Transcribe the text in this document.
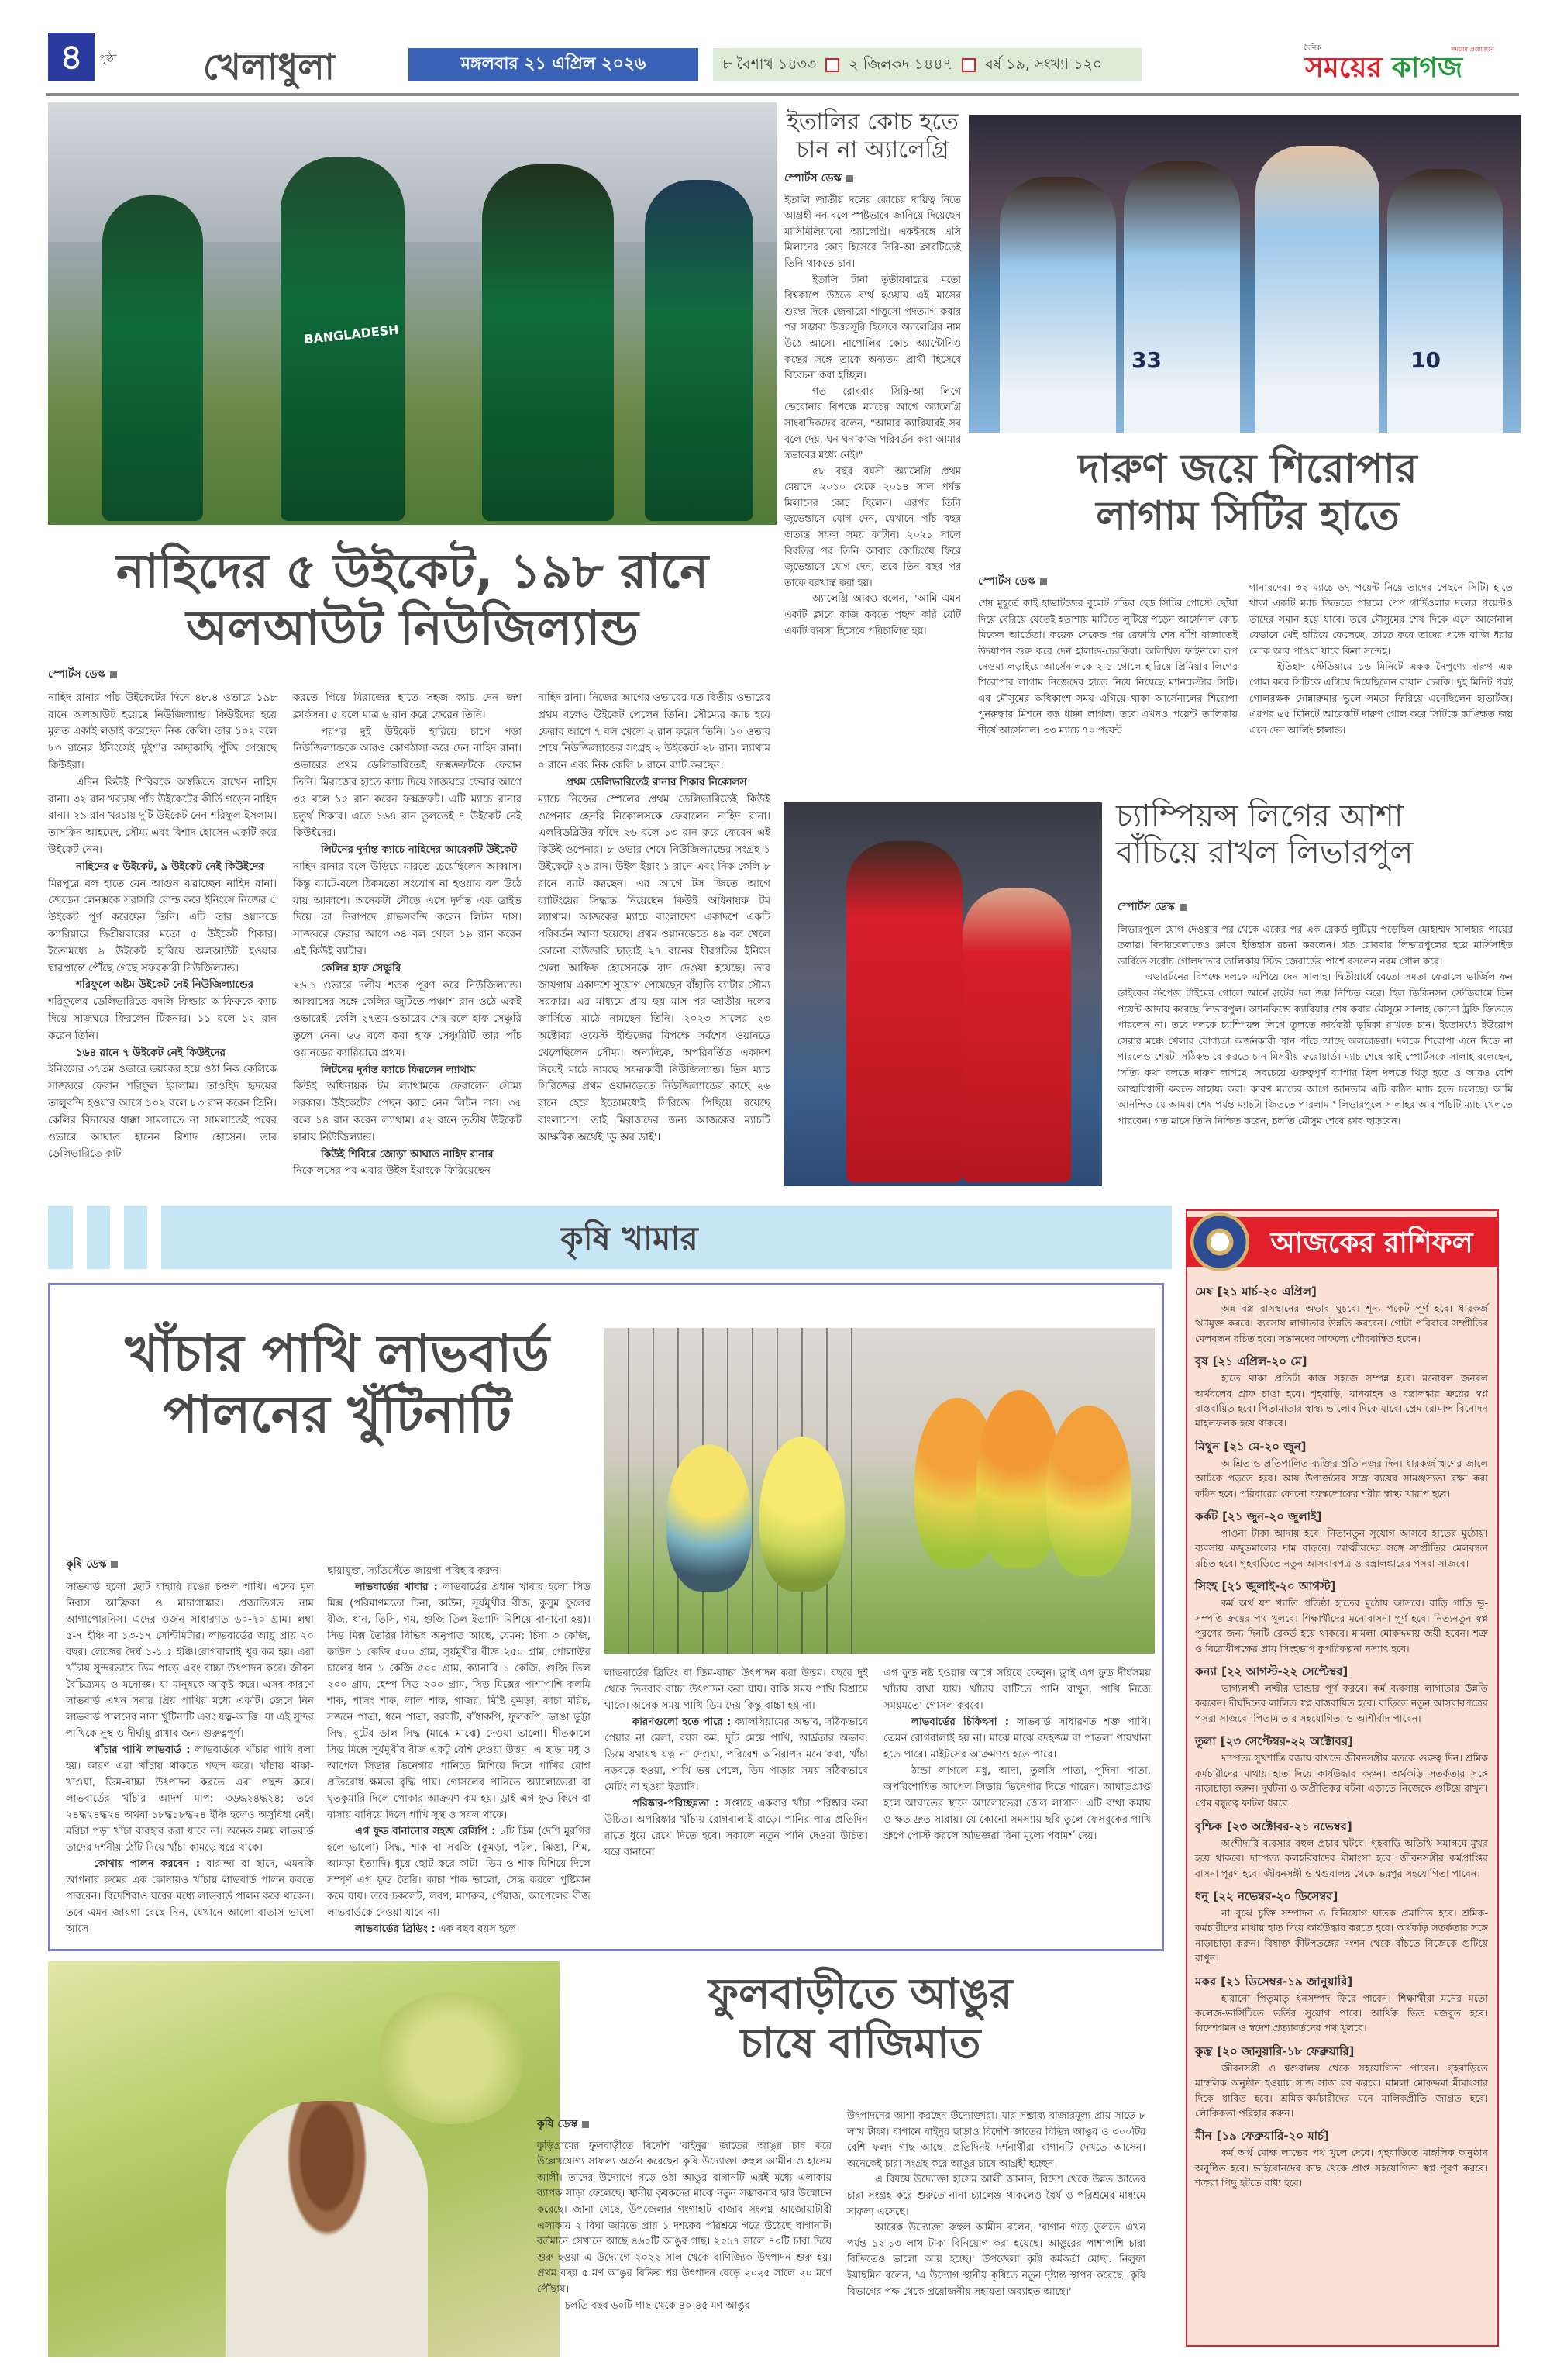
৪	পৃষ্ঠা খেলাধুলা	মঙ্গলবার ২১ এপ্রিল ২০২৬	৮ বৈশাখ ১৪৩৩ ২ জিলকদ ১৪৪৭ বর্ষ ১৯, সংখ্যা ১২০
দৈনিক	সময়ের প্রয়োজনে
সময়ের কাগজ
BANGLADESH
নাহিদের ৫ উইকেট, ১৯৮ রানে
অলআউট নিউজিল্যান্ড
স্পোর্টস ডেস্ক

নাহিদ রানার পাঁচ উইকেটের দিনে ৪৮.৪ ওভারে ১৯৮ রানে অলআউট হয়েছে নিউজিল্যান্ড। কিউইদের হয়ে মূলত একাই লড়াই করেছেন নিক কেলি। তার ১০২ বলে ৮৩ রানের ইনিংসেই দুইশ'র কাছাকাছি পুঁজি পেয়েছে কিউইরা।

এদিন কিউই শিবিরকে অস্বস্তিতে রাখেন নাহিদ রানা। ৩২ রান খরচায় পাঁচ উইকেটের কীর্তি গড়েন নাহিদ রানা। ২৯ রান খরচায় দুটি উইকেট নেন শরিফুল ইসলাম। তাসকিন আহমেদ, সৌম্য এবং রিশাদ হোসেন একটি করে উইকেট নেন।

নাহিদের ৫ উইকেট, ৯ উইকেট নেই কিউইদের

মিরপুরে বল হাতে যেন আগুন ঝরাচ্ছেন নাহিদ রানা। জেডেন লেনক্সকে সরাসরি বোল্ড করে ইনিংসে নিজের ৫ উইকেট পূর্ণ করেছেন তিনি। এটি তার ওয়ানডে ক্যারিয়ারে দ্বিতীয়বারের মতো ৫ উইকেট শিকার। ইতোমধ্যে ৯ উইকেট হারিয়ে অলআউট হওয়ার দ্বারপ্রান্তে পৌঁছে গেছে সফরকারী নিউজিল্যান্ড।

শরিফুলে অষ্টম উইকেট নেই নিউজিল্যান্ডের

শরিফুলের ডেলিভারিতে বদলি ফিল্ডার আফিফকে ক্যাচ দিয়ে সাজঘরে ফিরলেন টিকনার। ১১ বলে ১২ রান করেন তিনি।

১৬৪ রানে ৭ উইকেট নেই কিউইদের

ইনিংসের ৩৭তম ওভারে ভয়ংকর হয়ে ওঠা নিক কেলিকে সাজঘরে ফেরান শরিফুল ইসলাম। তাওহিদ হৃদয়ের তালুবন্দি হওয়ার আগে ১০২ বলে ৮৩ রান করেন তিনি। কেলির বিদায়ের ধাক্কা সামলাতে না সামলাতেই পরের ওভারে আঘাত হানেন রিশাদ হোসেন। তার ডেলিভারিতে কাট

করতে গিয়ে মিরাজের হাতে সহজ ক্যাচ দেন জশ ক্লার্কসন। ৫ বলে মাত্র ৬ রান করে ফেরেন তিনি।

পরপর দুই উইকেট হারিয়ে চাপে পড়া নিউজিল্যান্ডকে আরও কোণঠাসা করে দেন নাহিদ রানা। ওভারের প্রথম ডেলিভারিতেই ফক্সক্রফটকে ফেরান তিনি। মিরাজের হাতে ক্যাচ দিয়ে সাজঘরে ফেরার আগে ৩৫ বলে ১৫ রান করেন ফক্সক্রফট। এটি ম্যাচে রানার চতুর্থ শিকার। এতে ১৬৪ রান তুলতেই ৭ উইকেট নেই কিউইদের।

লিটনের দুর্দান্ত ক্যাচে নাহিদের আরেকটি উইকেট

নাহিদ রানার বলে উড়িয়ে মারতে চেয়েছিলেন আব্বাস। কিন্তু ব্যাটে-বলে ঠিকমতো সংযোগ না হওয়ায় বল উঠে যায় আকাশে। অনেকটা দৌড়ে এসে দুর্দান্ত এক ডাইভ দিয়ে তা নিরাপদে গ্লাভসবন্দি করেন লিটন দাস। সাজঘরে ফেরার আগে ৩৪ বল খেলে ১৯ রান করেন এই কিউই ব্যাটার।

কেলির হাফ সেঞ্চুরি

২৬.১ ওভারে দলীয় শতক পূরণ করে নিউজিল্যান্ড। আব্বাসের সঙ্গে কেলির জুটিতে পঞ্চাশ রান ওঠে একই ওভারেই। কেলি ২৭তম ওভারের শেষ বলে হাফ সেঞ্চুরি তুলে নেন। ৬৬ বলে করা হাফ সেঞ্চুরিটি তার পাঁচ ওয়ানডের ক্যারিয়ারে প্রথম।

লিটনের দুর্দান্ত ক্যাচে ফিরলেন ল্যাথাম

কিউই অধিনায়ক টম ল্যাথামকে ফেরালেন সৌম্য সরকার। উইকেটের পেছন ক্যাচ নেন লিটন দাস। ৩৫ বলে ১৪ রান করেন ল্যাথাম। ৫২ রানে তৃতীয় উইকেট হারায় নিউজিল্যান্ড।

কিউই শিবিরে জোড়া আঘাত নাহিদ রানার

নিকোলসের পর এবার উইল ইয়াংকে ফিরিয়েছেন

নাহিদ রানা। নিজের আগের ওভারের মত দ্বিতীয় ওভারের প্রথম বলেও উইকেট পেলেন তিনি। সৌম্যের ক্যাচ হয়ে ফেরার আগে ৭ বল খেলে ২ রান করেন তিনি। ১০ ওভার শেষে নিউজিল্যান্ডের সংগ্রহ ২ উইকেটে ২৮ রান। ল্যাথাম ০ রানে এবং নিক কেলি ৮ রানে ব্যাট করছেন।

প্রথম ডেলিভারিতেই রানার শিকার নিকোলস

ম্যাচে নিজের স্পেলের প্রথম ডেলিভারিতেই কিউই ওপেনার হেনরি নিকোলসকে ফেরালেন নাহিদ রানা। এলবিডব্লিউর ফাঁদে ২৬ বলে ১৩ রান করে ফেরেন এই কিউই ওপেনার। ৮ ওভার শেষে নিউজিল্যান্ডের সংগ্রহ ১ উইকেটে ২৬ রান। উইল ইয়াং ১ রানে এবং নিক কেলি ৮ রানে ব্যাট করছেন। এর আগে টস জিতে আগে ব্যাটিংয়ের সিদ্ধান্ত নিয়েছেন কিউই অধিনায়ক টম ল্যাথাম। আজকের ম্যাচে বাংলাদেশ একাদশে একটি পরিবর্তন আনা হয়েছে। প্রথম ওয়ানডেতে ৪৯ বল খেলে কোনো বাউন্ডারি ছাড়াই ২৭ রানের ধীরগতির ইনিংস খেলা আফিফ হোসেনকে বাদ দেওয়া হয়েছে। তার জায়গায় একাদশে সুযোগ পেয়েছেন বাঁহাতি ব্যাটার সৌম্য সরকার। এর মাধ্যমে প্রায় ছয় মাস পর জাতীয় দলের জার্সিতে মাঠে নামছেন তিনি। ২০২৩ সালের ২৩ অক্টোবর ওয়েস্ট ইন্ডিজের বিপক্ষে সর্বশেষ ওয়ানডে খেলেছিলেন সৌম্য। অন্যদিকে, অপরিবর্তিত একাদশ নিয়েই মাঠে নামছে সফরকারী নিউজিল্যান্ড। তিন ম্যাচ সিরিজের প্রথম ওয়ানডেতে নিউজিল্যান্ডের কাছে ২৬ রানে হেরে ইতোমধ্যেই সিরিজে পিছিয়ে রয়েছে বাংলাদেশ। তাই মিরাজদের জন্য আজকের ম্যাচটি আক্ষরিক অর্থেই 'ডু অর ডাই'।

ইতালির কোচ হতে চান না অ্যালেগ্রি
স্পোর্টস ডেস্ক

ইতালি জাতীয় দলের কোচের দায়িত্ব নিতে আগ্রহী নন বলে স্পষ্টভাবে জানিয়ে দিয়েছেন মাসিমিলিয়ানো অ্যালেগ্রি। একইসঙ্গে এসি মিলানের কোচ হিসেবে সিরি-আ ক্লাবটিতেই তিনি থাকতে চান।

ইতালি টানা তৃতীয়বারের মতো বিশ্বকাপে উঠতে ব্যর্থ হওয়ায় এই মাসের শুরুর দিকে জেনারো গাত্তুসো পদত্যাগ করার পর সম্ভাব্য উত্তরসূরি হিসেবে অ্যালেগ্রির নাম উঠে আসে। নাপোলির কোচ অ্যান্টোনিও কন্তের সঙ্গে তাকে অন্যতম প্রার্থী হিসেবে বিবেচনা করা হচ্ছিল।

গত রোববার সিরি-আ লিগে ভেরোনার বিপক্ষে ম্যাচের আগে অ্যালেগ্রি সাংবাদিকদের বলেন, "আমার ক্যারিয়ারই সব বলে দেয়, ঘন ঘন কাজ পরিবর্তন করা আমার স্বভাবের মধ্যে নেই।"

৫৮ বছর বয়সী অ্যালেগ্রি প্রথম মেয়াদে ২০১০ থেকে ২০১৪ সাল পর্যন্ত মিলানের কোচ ছিলেন। এরপর তিনি জুভেন্তাসে যোগ দেন, যেখানে পাঁচ বছর অত্যন্ত সফল সময় কাটান। ২০২১ সালে বিরতির পর তিনি আবার কোচিংয়ে ফিরে জুভেন্তাসে যোগ দেন, তবে তিন বছর পর তাকে বরখাস্ত করা হয়।

অ্যালেগ্রি আরও বলেন, "আমি এমন একটি ক্লাবে কাজ করতে পছন্দ করি যেটি একটি ব্যবসা হিসেবে পরিচালিত হয়।

33	10
দারুণ জয়ে শিরোপার
লাগাম সিটির হাতে
স্পোর্টস ডেস্ক

শেষ মুহূর্তে কাই হাভার্টজের বুলেট গতির হেড সিটির পোস্টে ছোঁয়া দিয়ে বেরিয়ে যেতেই হতাশায় মাটিতে লুটিয়ে পড়েন আর্সেনাল কোচ মিকেল আর্তেতা। কয়েক সেকেন্ড পর রেফারি শেষ বাঁশি বাজাতেই উদযাপন শুরু করে দেন হালান্ড-চেরকিরা। অলিখিত ফাইনালে রূপ নেওয়া লড়াইয়ে আর্সেনালকে ২-১ গোলে হারিয়ে প্রিমিয়ার লিগের শিরোপার লাগাম নিজেদের হাতে নিয়ে নিয়েছে ম্যানচেস্টার সিটি। এর মৌসুমের অধিকাংশ সময় এগিয়ে থাকা আর্সেনালের শিরোপা পুনরুদ্ধার মিশনে বড় ধাক্কা লাগল। তবে এখনও পয়েন্ট তালিকায় শীর্ষে আর্সেনাল। ৩৩ ম্যাচে ৭০ পয়েন্ট

গানারদের। ৩২ ম্যাচে ৬৭ পয়েন্ট নিয়ে তাদের পেছনে সিটি। হাতে থাকা একটি ম্যাচ জিততে পারলে পেপ গার্দিওলার দলের পয়েন্টও তাদের সমান হয়ে যাবে। তবে মৌসুমের শেষ দিকে এসে আর্সেনাল যেভাবে খেই হারিয়ে ফেলেছে, তাতে করে তাদের পক্ষে বাজি ধরার লোক আর পাওয়া যাবে কিনা সন্দেহ।

ইতিহাদ স্টেডিয়ামে ১৬ মিনিটে একক নৈপুণ্যে দারুণ এক গোল করে সিটিকে এগিয়ে দিয়েছিলেন রায়ান চেরকি। দুই মিনিট পরই গোলরক্ষক দোন্নারুমার ভুলে সমতা ফিরিয়ে এনেছিলেন হাভার্টজ। এরপর ৬৫ মিনিটে আরেকটি দারুণ গোল করে সিটিকে কাঙ্ক্ষিত জয় এনে দেন আর্লিং হালান্ড।

চ্যাম্পিয়ন্স লিগের আশা
বাঁচিয়ে রাখল লিভারপুল
স্পোর্টস ডেস্ক

লিভারপুলে যোগ দেওয়ার পর থেকে একের পর এক রেকর্ড লুটিয়ে পড়েছিল মোহাম্মদ সালহার পায়ের তলায়। বিদায়বেলাতেও ক্লাবে ইতিহাস রচনা করলেন। গত রোববার লিভারপুলের হয়ে মার্সিসাইড ডার্বিতে সর্বোচ গোলদাতার তালিকায় স্টিভ জেরার্ডের পাশে বসলেন নবম গোল করে।

এভারটনের বিপক্ষে দলকে এগিয়ে দেন সালাহ। দ্বিতীয়ার্ধে বেতো সমতা ফেরালে ভার্জিল ফন ডাইকের স্টপেজ টাইমের গোলে আর্নে স্লটের দল জয় নিশ্চিত করে। হিল ডিকিনসন স্টেডিয়ামে তিন পয়েন্ট আদায় করেছে লিভারপুল। অ্যানফিল্ডে ক্যারিয়ার শেষ করার মৌসুমে সালাহ কোনো ট্রফি জিততে পারলেন না। তবে দলকে চ্যাম্পিয়ন্স লিগে তুলতে কার্যকরী ভূমিকা রাখতে চান। ইতোমধ্যে ইউরোপ সেরার মঞ্চে খেলার যোগ্যতা অর্জনকারী স্থান পাঁচে আছে অলরেডরা। দলকে শিরোপা এনে দিতে না পারলেও শেষটা সঠিকভাবে করতে চান মিসরীয় ফরোয়ার্ড। ম্যাচ শেষে স্কাই স্পোর্টসকে সালাহ বলেছেন, 'সত্যি কথা বলতে দারুণ লাগছে। সবচেয়ে গুরুত্বপূর্ণ ব্যাপার ছিল দলতে থিতু হতে ও আরও বেশি আত্মবিশ্বাসী করতে সাহায্য করা। কারণ ম্যাচের আগে জানতাম এটি কঠিন ম্যাচ হতে চলেছে। আমি আনন্দিত যে আমরা শেষ পর্যন্ত ম্যাচটা জিততে পারলাম।' লিভারপুলে সালাহর আর পাঁচটি ম্যাচ খেলতে পারবেন। গত মাসে তিনি নিশ্চিত করেন, চলতি মৌসুম শেষে ক্লাব ছাড়বেন।

কৃষি খামার
খাঁচার পাখি লাভবার্ড
পালনের খুঁটিনাটি
কৃষি ডেস্ক

লাভবার্ড হলো ছোট বাহারি রঙের চঞ্চল পাখি। এদের মূল নিবাস আফ্রিকা ও মাদাগাস্কার। প্রজাতিগত নাম আগাপোরনিস। এদের ওজন সাধারণত ৬০-৭০ গ্রাম। লম্বা ৫-৭ ইঞ্চি বা ১৩-১৭ সেন্টিমিটার। লাভবার্ডের আয়ু প্রায় ২০ বছর। লেজের দৈর্ঘ ১-১.৫ ইঞ্চি।রোগবালাই খুব কম হয়। এরা খাঁচায় সুন্দরভাবে ডিম পাড়ে এবং বাচ্চা উৎপাদন করে। জীবন বৈচিত্র্যময় ও মনোজ্ঞ। যা মানুষকে আকৃষ্ট করে। এসব কারণে লাভবার্ড এখন সবার প্রিয় পাখির মধ্যে একটি। জেনে নিন লাভবার্ড পালনের নানা খুঁটিনাটি এবং যত্ন-আত্তি। যা এই সুন্দর পাখিকে সুস্থ ও দীর্ঘায়ু রাখার জন্য গুরুত্বপূর্ণ।

খাঁচার পাখি লাভবার্ড : লাভবার্ডকে খাঁচার পাখি বলা হয়। কারণ এরা খাঁচায় থাকতে পছন্দ করে। খাঁচায় থাকা-খাওয়া, ডিম-বাচ্চা উৎপাদন করতে এরা পছন্দ করে। লাভবার্ডের খাঁচার আদর্শ মাপ: ৩৬দ্ধ২৪দ্ধ২৪; তবে ২৪দ্ধ২৪দ্ধ২৪ অথবা ১৮দ্ধ১৮দ্ধ২৪ ইঞ্চি হলেও অসুবিধা নেই। মরিচা পড়া খাঁচা ব্যবহার করা যাবে না। অনেক সময় লাভবার্ড তাদের দর্শনীয় ঠোঁট দিয়ে খাঁচা কামড়ে ধরে থাকে।

কোথায় পালন করবেন : বারান্দা বা ছাদে, এমনকি আপনার রুমের এক কোনায়ও খাঁচায় লাভবার্ড পালন করতে পারবেন। বিদেশিরাও ঘরের মধ্যে লাভবার্ড পালন করে থাকেন। তবে এমন জায়গা বেছে নিন, যেখানে আলো-বাতাস ভালো আসে।

ছায়াযুক্ত, স্যাঁতসেঁতে জায়গা পরিহার করুন।

লাভবার্ডের খাবার : লাভবার্ডের প্রধান খাবার হলো সিড মিক্স (পরিমাণমতো চিনা, কাউন, সূর্যমুখীর বীজ, কুসুম ফুলের বীজ, ধান, তিসি, গম, গুজি তিল ইত্যাদি মিশিয়ে বানানো হয়)। সিড মিক্স তৈরির বিভিন্ন অনুপাত আছে, যেমন: চিনা ৩ কেজি, কাউন ১ কেজি ৫০০ গ্রাম, সূর্যমুখীর বীজ ২৫০ গ্রাম, পোলাউর চালের ধান ১ কেজি ৫০০ গ্রাম, ক্যানারি ১ কেজি, গুজি তিল ২০০ গ্রাম, হেম্প সিড ২০০ গ্রাম, সিড মিক্সের পাশাপাশি কলমি শাক, পালং শাক, লাল শাক, গাজর, মিষ্টি কুমড়া, কাচা মরিচ, সজনে পাতা, ধনে পাতা, বরবটি, বাঁধাকপি, ফুলকপি, ভাঙা ভুট্টা সিদ্ধ, বুটের ডাল সিদ্ধ (মাঝে মাঝে) দেওয়া ভালো। শীতকালে সিড মিক্সে সূর্যমুখীর বীজ একটু বেশি দেওয়া উত্তম। এ ছাড়া মধু ও আপেল সিডার ভিনেগার পানিতে মিশিয়ে দিলে পাখির রোগ প্রতিরোধ ক্ষমতা বৃদ্ধি পায়। গোসলের পানিতে অ্যালোভেরা বা ঘৃতকুমারি দিলে পোকার আক্রমণ কম হয়। ড্রাই এগ ফুড কিনে বা বাসায় বানিয়ে দিলে পাখি সুস্থ ও সবল থাকে।

এগ ফুড বানানোর সহজ রেসিপি : ১টি ডিম (দেশি মুরগির হলে ভালো) সিদ্ধ, শাক বা সবজি (কুমড়া, পটল, ঝিঙা, শিম, আমড়া ইত্যাদি) ধুয়ে ছোট করে কাটা। ডিম ও শাক মিশিয়ে দিলে সম্পূর্ণ এগ ফুড তৈরি। কাচা শাক ভালো, সেদ্ধ করলে পুষ্টিমান কমে যায়। তবে চকলেট, লবণ, মাশরুম, পেঁয়াজ, আপেলের বীজ লাভবার্ডকে দেওয়া যাবে না।

লাভবার্ডের ব্রিডিং : এক বছর বয়স হলে

লাভবার্ডের ব্রিডিং বা ডিম-বাচ্চা উৎপাদন করা উত্তম। বছরে দুই থেকে তিনবার বাচ্চা উৎপাদন করা যায়। বাকি সময় পাখি বিশ্রামে থাকে। অনেক সময় পাখি ডিম দেয় কিন্তু বাচ্চা হয় না।

কারণগুলো হতে পারে : ক্যালসিয়ামের অভাব, সঠিকভাবে পেয়ার না মেলা, বয়স কম, দুটি মেয়ে পাখি, আর্দ্রতার অভাব, ডিমে যথাযথ যত্ন না দেওয়া, পরিবেশ অনিরাপদ মনে করা, খাঁচা নড়বড়ে হওয়া, পাখি ভয় পেলে, ডিম পাড়ার সময় সঠিকভাবে মেটিং না হওয়া ইত্যাদি।

পরিষ্কার-পরিচ্ছন্নতা : সপ্তাহে একবার খাঁচা পরিষ্কার করা উচিত। অপরিষ্কার খাঁচায় রোগবালাই বাড়ে। পানির পাত্র প্রতিদিন রাতে ধুয়ে রেখে দিতে হবে। সকালে নতুন পানি দেওয়া উচিত। ঘরে বানানো

এগ ফুড নষ্ট হওয়ার আগে সরিয়ে ফেলুন। ড্রাই এগ ফুড দীর্ঘসময় খাঁচায় রাখা যায়। খাঁচায় বাটিতে পানি রাখুন, পাখি নিজে সময়মতো গোসল করবে।

লাভবার্ডের চিকিৎসা : লাভবার্ড সাধারণত শক্ত পাখি। তেমন রোগবালাই হয় না। মাঝে মাঝে বদহজম বা পাতলা পায়খানা হতে পারে। মাইটসের আক্রমণও হতে পারে।

ঠান্ডা লাগলে মধু, আদা, তুলসি পাতা, পুদিনা পাতা, অপরিশোধিত আপেল সিডার ভিনেগার দিতে পারেন। আঘাতপ্রাপ্ত হলে আঘাতের স্থানে অ্যালোভেরা জেল লাগান। এটি ব্যথা কমায় ও ক্ষত দ্রুত সারায়। যে কোনো সমস্যায় ছবি তুলে ফেসবুকের পাখি গ্রুপে পোস্ট করলে অভিজ্ঞরা বিনা মূল্যে পরামর্শ দেয়।

আজকের রাশিফল
মেষ [২১ মার্চ-২০ এপ্রিল]

অন্ন বস্ত্র বাসস্থানের অভাব ঘুচবে। শূন্য পকেট পূর্ণ হবে। ধারকর্জ ঋণমুক্ত করবে। ব্যবসায় লাগাতার উন্নতি করবেন। গোটা পরিবারে সম্প্রীতির মেলবন্ধন রচিত হবে। সন্তানদের সাফল্যে গৌরবান্বিত হবেন।

বৃষ [২১ এপ্রিল-২০ মে]

হাতে থাকা প্রতিটা কাজ সহজে সম্পন্ন হবে। মনোবল জনবল অর্থবলের গ্রাফ চাঙা হবে। গৃহবাড়ি, যানবাহন ও বস্ত্রালঙ্কার ক্রয়ের স্বপ্ন বাস্তবায়িত হবে। পিতামাতার স্বাস্থ্য ভালোর দিকে যাবে। প্রেম রোমান্স বিনোদন মাইলফলক হয়ে থাকবে।

মিথুন [২১ মে-২০ জুন]

আশ্রিত ও প্রতিপালিত ব্যক্তির প্রতি নজর দিন। ধারকর্জ ঋণের জালে আটকে পড়তে হবে। আয় উপার্জনের সঙ্গে ব্যয়ের সামঞ্জস্যতা রক্ষা করা কঠিন হবে। পরিবারের কোনো বয়স্কলোকের শরীর স্বাস্থ্য খারাপ হবে।

কর্কট [২১ জুন-২০ জুলাই]

পাওনা টাকা আদায় হবে। নিত্যনতুন সুযোগ আসবে হাতের মুঠোয়। ব্যবসায় মজুতমালের দাম বাড়বে। আত্মীয়দের সঙ্গে সম্প্রীতির মেলবন্ধন রচিত হবে। গৃহবাড়িতে নতুন আসবাবপত্র ও বস্ত্রালঙ্কারের পসরা সাজবে।

সিংহ [২১ জুলাই-২০ আগস্ট]

কর্ম অর্থ যশ খ্যাতি প্রতিষ্ঠা হাতের মুঠোয় আসবে। বাড়ি গাড়ি ভূ-সম্পত্তি ক্রয়ের পথ খুলবে। শিক্ষার্থীদের মনোবাসনা পূর্ণ হবে। নিত্যনতুন স্বপ্ন পূরণের জন্য দিনটি রেকর্ড হয়ে থাকবে। মামলা মোকদ্দমায় জয়ী হবেন। শত্রু ও বিরোধীপক্ষের প্রায় সিংহভাগ কুপরিকল্পনা নস্যাৎ হবে।

কন্যা [২২ আগস্ট-২২ সেপ্টেম্বর]

ভাগ্যলক্ষ্মী লক্ষ্মীর ভান্ডার পূর্ণ করবে। কর্ম ব্যবসায় লাগাতার উন্নতি করবেন। দীর্ঘদিনের লালিত স্বপ্ন বাস্তবায়িত হবে। বাড়িতে নতুন আসবাবপত্রের পসরা সাজবে। পিতামাতার সহযোগিতা ও আশীর্বাদ পাবেন।

তুলা [২৩ সেপ্টেম্বর-২২ অক্টোবর]

দাম্পত্য সুখশান্তি বজায় রাখতে জীবনসঙ্গীর মতকে গুরুত্ব দিন। শ্রমিক কর্মচারীদের মাথায় হাত দিয়ে কার্যউদ্ধার করুন। অর্থকড়ি সতর্কতার সঙ্গে নাড়াচাড়া করুন। দুর্ঘটনা ও অপ্রীতিকর ঘটনা এড়াতে নিজেকে গুটিয়ে রাখুন। প্রেম বন্ধুত্বে ফাটল ধরবে।

বৃশ্চিক [২৩ অক্টোবর-২১ নভেম্বর]

অংশীদারি ব্যবসার বহুল প্রচার ঘটবে। গৃহবাড়ি অতিথি সমাগমে মুখর হয়ে থাকবে। দাম্পত্য কলহবিবাদের মীমাংসা হবে। জীবনসঙ্গীর কর্মপ্রাপ্তির বাসনা পূরণ হবে। জীবনসঙ্গী ও শ্বশুরালয় থেকে ভরপুর সহযোগিতা পাবেন।

ধনু [২২ নভেম্বর-২০ ডিসেম্বর]

না বুঝে চুক্তি সম্পাদন ও বিনিয়োগ ঘাতক প্রমাণিত হবে। শ্রমিক-কর্মচারীদের মাথায় হাত দিয়ে কার্যউদ্ধার করতে হবে। অর্থকড়ি সতর্কতার সঙ্গে নাড়াচাড়া করুন। বিষাক্ত কীটপতঙ্গের দংশন থেকে বাঁচতে নিজেকে গুটিয়ে রাখুন।

মকর [২১ ডিসেম্বর-১৯ জানুয়ারি]

হারানো পিতৃমাতৃ ধনসম্পদ ফিরে পাবেন। শিক্ষার্থীরা মনের মতো কলেজ-ভার্সিটিতে ভর্তির সুযোগ পাবে। আর্থিক ভিত মজবুত হবে। বিদেশগমন ও স্বদেশ প্রত্যাবর্তনের পথ খুলবে।

কুম্ভ [২০ জানুয়ারি-১৮ ফেব্রুয়ারি]

জীবনসঙ্গী ও শ্বশুরালয় থেকে সহযোগিতা পাবেন। গৃহবাড়িতে মাঙ্গলিক অনুষ্ঠান হওয়ায় সাজ সাজ রব করবে। মামলা মোকদ্দমা মীমাংসার দিকে ধাবিত হবে। শ্রমিক-কর্মচারীদের মনে মালিকপ্রীতি জাগ্রত হবে। লৌকিকতা পরিহার করুন।

মীন [১৯ ফেব্রুয়ারি-২০ মার্চ]

কর্ম অর্থ মোক্ষ লাভের পথ খুলে দেবে। গৃহবাড়িতে মাঙ্গলিক অনুষ্ঠান অনুষ্ঠিত হবে। ভাইবোনদের কাছ থেকে প্রাপ্ত সহযোগিতা স্বপ্ন পূরণ করবে। শত্রুরা পিছু হটতে বাধ্য হবে।

ফুলবাড়ীতে আঙুর
চাষে বাজিমাত
কৃষি ডেস্ক

কুড়িগ্রামের ফুলবাড়ীতে বিদেশি 'বাইনুর' জাতের আঙুর চাষ করে উল্লেখযোগ্য সাফল্য অর্জন করেছেন কৃষি উদ্যোক্তা রুহুল আমীন ও হাসেম আলী। তাদের উদ্যোগে গড়ে ওঠা আঙুর বাগানটি এরই মধ্যে এলাকায় ব্যাপক সাড়া ফেলেছে। স্থানীয় কৃষকদের মাঝে নতুন সম্ভাবনার দ্বার উন্মোচন করেছে। জানা গেছে, উপজেলার গংগাহাট বাজার সংলগ্ন আজোয়াটারী এলাকায় ২ বিঘা জমিতে প্রায় ১ দশকের পরিশ্রমে গড়ে উঠেছে বাগানটি। বর্তমানে সেখানে আছে ৪৬০টি আঙুর গাছ। ২০১৭ সালে ৪০টি চারা দিয়ে শুরু হওয়া এ উদ্যোগে ২০২২ সাল থেকে বাণিজ্যিক উৎপাদন শুরু হয়। প্রথম বছর ৫ মণ আঙুর বিক্রির পর উৎপাদন বেড়ে ২০২৫ সালে ২০ মণে পৌঁছায়।

চলতি বছর ৬০টি গাছ থেকে ৪০-৪৫ মণ আঙুর

উৎপাদনের আশা করছেন উদ্যোক্তারা। যার সম্ভাব্য বাজারমূল্য প্রায় সাড়ে ৮ লাখ টাকা। বাগানে বাইনুর ছাড়াও বিদেশি জাতের বিভিন্ন আঙুর ও ৩০০টির বেশি ফলদ গাছ আছে। প্রতিদিনই দর্শনার্থীরা বাগানটি দেখতে আসেন। অনেকেই চারা সংগ্রহ করে আঙুর চাষে আগ্রহী হচ্ছেন।

এ বিষয়ে উদ্যোক্তা হাসেম আলী জানান, বিদেশ থেকে উন্নত জাতের চারা সংগ্রহ করে শুরুতে নানা চ্যালেঞ্জ থাকলেও ধৈর্য ও পরিশ্রমের মাধ্যমে সাফল্য এসেছে।

আরেক উদ্যোক্তা রুহুল আমীন বলেন, 'বাগান গড়ে তুলতে এখন পর্যন্ত ১২-১৩ লাখ টাকা বিনিয়োগ করা হয়েছে। আঙুরের পাশাপাশি চারা বিক্রিতেও ভালো আয় হচ্ছে।' উপজেলা কৃষি কর্মকর্তা মোছা. নিলুফা ইয়াছমিন বলেন, 'এ উদ্যোগ স্থানীয় কৃষিতে নতুন দৃষ্টান্ত স্থাপন করেছে। কৃষি বিভাগের পক্ষ থেকে প্রয়োজনীয় সহায়তা অব্যাহত আছে।'
